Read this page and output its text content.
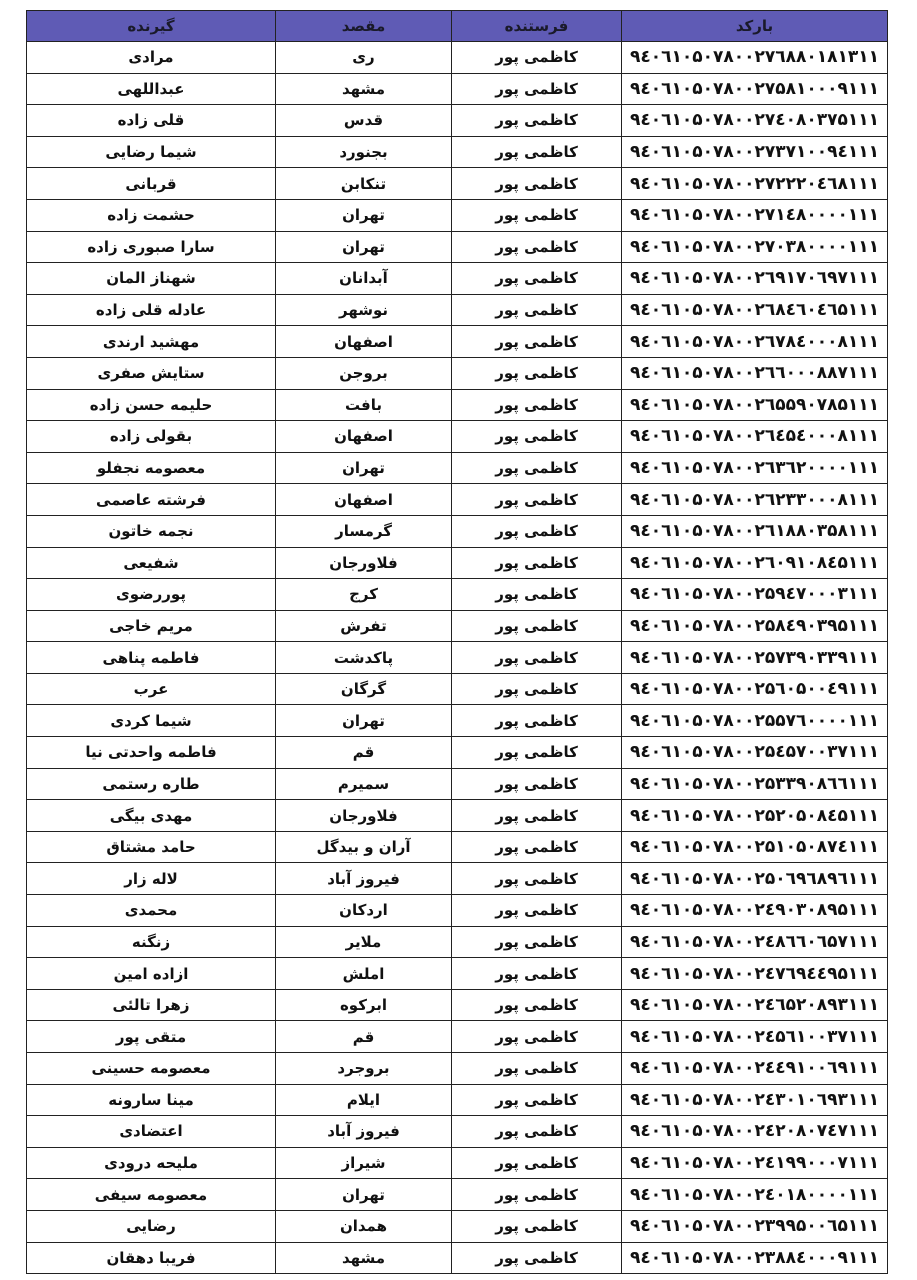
بارکد	فرستنده	مقصد	گیرنده
۹٤۰٦۱۰۵۰۷۸۰۰۲۷٦۸۸۰۱۸۱۳۱۱	کاظمی پور	ری	مرادی
۹٤۰٦۱۰۵۰۷۸۰۰۲۷۵۸۱۰۰۰۹۱۱۱	کاظمی پور	مشهد	عبداللهی
۹٤۰٦۱۰۵۰۷۸۰۰۲۷٤۰۸۰۳۷۵۱۱۱	کاظمی پور	قدس	قلی زاده
۹٤۰٦۱۰۵۰۷۸۰۰۲۷۳۷۱۰۰۹٤۱۱۱	کاظمی پور	بجنورد	شیما رضایی
۹٤۰٦۱۰۵۰۷۸۰۰۲۷۲۲۲۰٤٦۸۱۱۱	کاظمی پور	تنکابن	قربانی
۹٤۰٦۱۰۵۰۷۸۰۰۲۷۱٤۸۰۰۰۰۱۱۱	کاظمی پور	تهران	حشمت زاده
۹٤۰٦۱۰۵۰۷۸۰۰۲۷۰۳۸۰۰۰۰۱۱۱	کاظمی پور	تهران	سارا صبوری زاده
۹٤۰٦۱۰۵۰۷۸۰۰۲٦۹۱۷۰٦۹۷۱۱۱	کاظمی پور	آبدانان	شهناز المان
۹٤۰٦۱۰۵۰۷۸۰۰۲٦۸٤٦۰٤٦۵۱۱۱	کاظمی پور	نوشهر	عادله قلی زاده
۹٤۰٦۱۰۵۰۷۸۰۰۲٦۷۸٤۰۰۰۸۱۱۱	کاظمی پور	اصفهان	مهشید ارندی
۹٤۰٦۱۰۵۰۷۸۰۰۲٦٦۰۰۰۸۸۷۱۱۱	کاظمی پور	بروجن	ستایش صفری
۹٤۰٦۱۰۵۰۷۸۰۰۲٦۵۵۹۰۷۸۵۱۱۱	کاظمی پور	بافت	حلیمه حسن زاده
۹٤۰٦۱۰۵۰۷۸۰۰۲٦٤۵٤۰۰۰۸۱۱۱	کاظمی پور	اصفهان	بقولی زاده
۹٤۰٦۱۰۵۰۷۸۰۰۲٦۳٦۲۰۰۰۰۱۱۱	کاظمی پور	تهران	معصومه نجفلو
۹٤۰٦۱۰۵۰۷۸۰۰۲٦۲۳۳۰۰۰۸۱۱۱	کاظمی پور	اصفهان	فرشته عاصمی
۹٤۰٦۱۰۵۰۷۸۰۰۲٦۱۸۸۰۳۵۸۱۱۱	کاظمی پور	گرمسار	نجمه خاتون
۹٤۰٦۱۰۵۰۷۸۰۰۲٦۰۹۱۰۸٤۵۱۱۱	کاظمی پور	فلاورجان	شفیعی
۹٤۰٦۱۰۵۰۷۸۰۰۲۵۹٤۷۰۰۰۳۱۱۱	کاظمی پور	کرج	پوررضوی
۹٤۰٦۱۰۵۰۷۸۰۰۲۵۸٤۹۰۳۹۵۱۱۱	کاظمی پور	تفرش	مریم خاجی
۹٤۰٦۱۰۵۰۷۸۰۰۲۵۷۳۹۰۳۳۹۱۱۱	کاظمی پور	پاکدشت	فاطمه پناهی
۹٤۰٦۱۰۵۰۷۸۰۰۲۵٦۰۵۰۰٤۹۱۱۱	کاظمی پور	گرگان	عرب
۹٤۰٦۱۰۵۰۷۸۰۰۲۵۵۷٦۰۰۰۰۱۱۱	کاظمی پور	تهران	شیما کردی
۹٤۰٦۱۰۵۰۷۸۰۰۲۵٤۵۷۰۰۳۷۱۱۱	کاظمی پور	قم	فاطمه واحدتی نیا
۹٤۰٦۱۰۵۰۷۸۰۰۲۵۳۳۹۰۸٦٦۱۱۱	کاظمی پور	سمیرم	طاره رستمی
۹٤۰٦۱۰۵۰۷۸۰۰۲۵۲۰۵۰۸٤۵۱۱۱	کاظمی پور	فلاورجان	مهدی بیگی
۹٤۰٦۱۰۵۰۷۸۰۰۲۵۱۰۵۰۸۷٤۱۱۱	کاظمی پور	آران و بیدگل	حامد مشتاق
۹٤۰٦۱۰۵۰۷۸۰۰۲۵۰٦۹٦۸۹٦۱۱۱	کاظمی پور	فیروز آباد	لاله زار
۹٤۰٦۱۰۵۰۷۸۰۰۲٤۹۰۳۰۸۹۵۱۱۱	کاظمی پور	اردکان	محمدی
۹٤۰٦۱۰۵۰۷۸۰۰۲٤۸٦٦۰٦۵۷۱۱۱	کاظمی پور	ملایر	زنگنه
۹٤۰٦۱۰۵۰۷۸۰۰۲٤۷٦۹٤٤۹۵۱۱۱	کاظمی پور	املش	ازاده امین
۹٤۰٦۱۰۵۰۷۸۰۰۲٤٦۵۲۰۸۹۳۱۱۱	کاظمی پور	ابرکوه	زهرا تالئی
۹٤۰٦۱۰۵۰۷۸۰۰۲٤۵٦۱۰۰۳۷۱۱۱	کاظمی پور	قم	متقی پور
۹٤۰٦۱۰۵۰۷۸۰۰۲٤٤۹۱۰۰٦۹۱۱۱	کاظمی پور	بروجرد	معصومه حسینی
۹٤۰٦۱۰۵۰۷۸۰۰۲٤۳۰۱۰٦۹۳۱۱۱	کاظمی پور	ایلام	مینا سارونه
۹٤۰٦۱۰۵۰۷۸۰۰۲٤۲۰۸۰۷٤۷۱۱۱	کاظمی پور	فیروز آباد	اعتضادی
۹٤۰٦۱۰۵۰۷۸۰۰۲٤۱۹۹۰۰۰۷۱۱۱	کاظمی پور	شیراز	ملیحه درودی
۹٤۰٦۱۰۵۰۷۸۰۰۲٤۰۱۸۰۰۰۰۱۱۱	کاظمی پور	تهران	معصومه سیفی
۹٤۰٦۱۰۵۰۷۸۰۰۲۳۹۹۵۰۰٦۵۱۱۱	کاظمی پور	همدان	رضایی
۹٤۰٦۱۰۵۰۷۸۰۰۲۳۸۸٤۰۰۰۹۱۱۱	کاظمی پور	مشهد	فریبا دهقان
